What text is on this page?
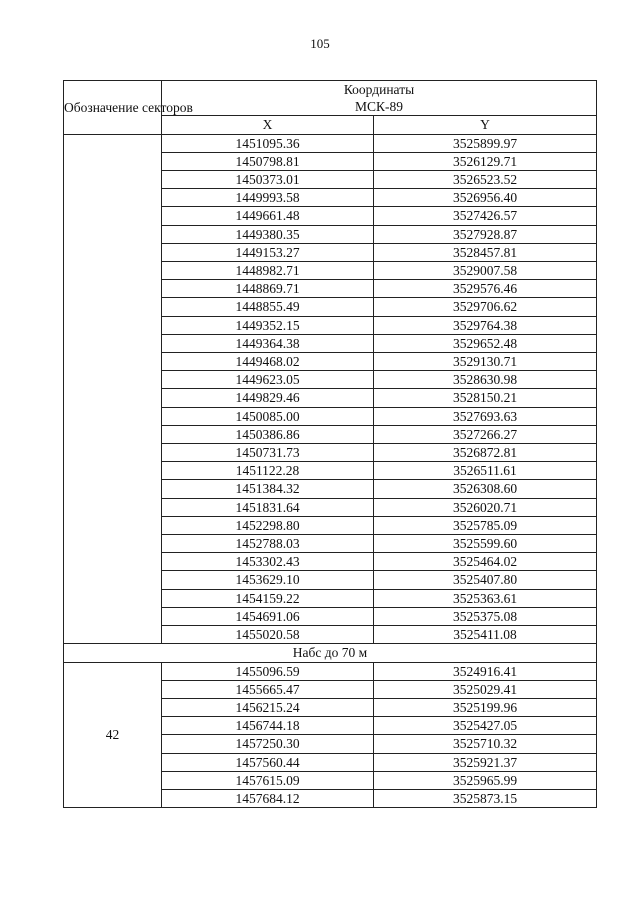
105
Обозначение секторов	Координаты
МСК-89	

	X	Y
	1451095.36	3525899.97
	1450798.81	3526129.71
	1450373.01	3526523.52
	1449993.58	3526956.40
	1449661.48	3527426.57
	1449380.35	3527928.87
	1449153.27	3528457.81
	1448982.71	3529007.58
	1448869.71	3529576.46
	1448855.49	3529706.62
	1449352.15	3529764.38
	1449364.38	3529652.48
	1449468.02	3529130.71
	1449623.05	3528630.98
	1449829.46	3528150.21
	1450085.00	3527693.63
	1450386.86	3527266.27
	1450731.73	3526872.81
	1451122.28	3526511.61
	1451384.32	3526308.60
	1451831.64	3526020.71
	1452298.80	3525785.09
	1452788.03	3525599.60
	1453302.43	3525464.02
	1453629.10	3525407.80
	1454159.22	3525363.61
	1454691.06	3525375.08
	1455020.58	3525411.08
Набс до 70 м		
42	1455096.59	3524916.41
	1455665.47	3525029.41
	1456215.24	3525199.96
	1456744.18	3525427.05
	1457250.30	3525710.32
	1457560.44	3525921.37
	1457615.09	3525965.99
	1457684.12	3525873.15
